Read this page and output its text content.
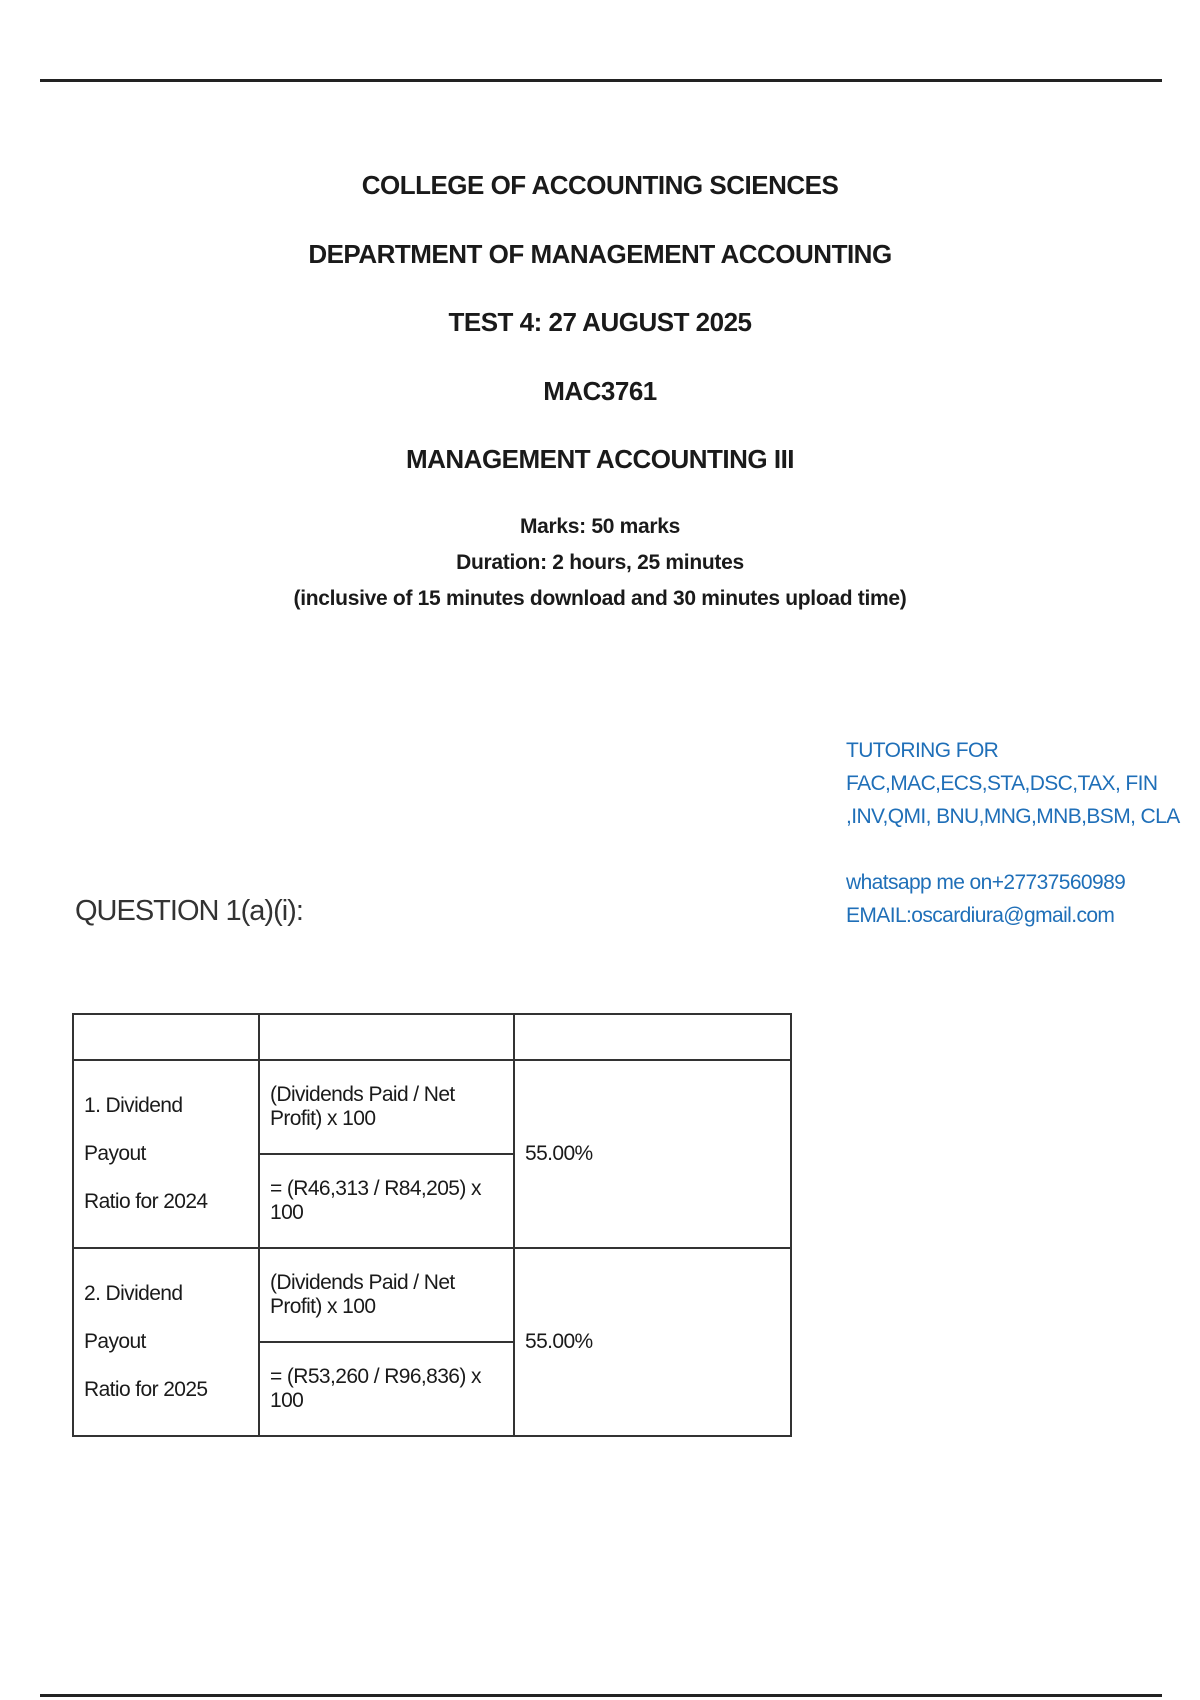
COLLEGE OF ACCOUNTING SCIENCES
DEPARTMENT OF MANAGEMENT ACCOUNTING
TEST 4: 27 AUGUST 2025
MAC3761
MANAGEMENT ACCOUNTING III
Marks: 50 marks
Duration: 2 hours, 25 minutes
(inclusive of 15 minutes download and 30 minutes upload time)
TUTORING FOR
FAC,MAC,ECS,STA,DSC,TAX, FIN
,INV,QMI, BNU,MNG,MNB,BSM, CLA
whatsapp me on+27737560989
EMAIL:oscardiura@gmail.com
QUESTION 1(a)(i):

1. Dividend Payout
Ratio for 2024	(Dividends Paid / Net Profit) x 100	55.00%
	= (R46,313 / R84,205) x 100	

2. Dividend Payout
Ratio for 2025	(Dividends Paid / Net Profit) x 100	55.00%
	= (R53,260 / R96,836) x 100	
